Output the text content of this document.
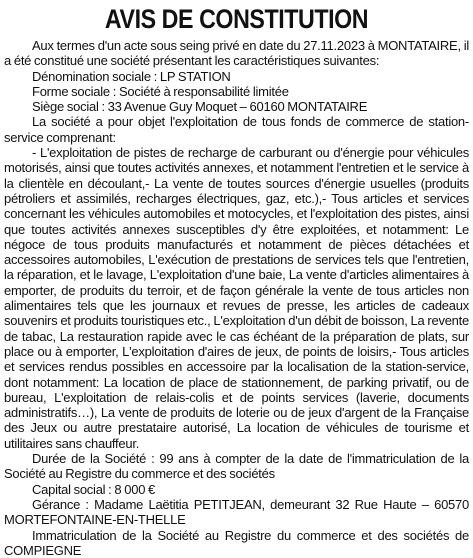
AVIS DE CONSTITUTION

Aux termes d'un acte sous seing privé en date du 27.11.2023 à MONTATAIRE, il a été constitué une société présentant les caractéristiques suivantes:

Dénomination sociale : LP STATION

Forme sociale : Société à responsabilité limitée

Siège social : 33 Avenue Guy Moquet – 60160 MONTATAIRE

La société a pour objet l'exploitation de tous fonds de commerce de station-service comprenant:

- L'exploitation de pistes de recharge de carburant ou d'énergie pour véhicules motorisés, ainsi que toutes activités annexes, et notamment l'entretien et le service à la clientèle en découlant,- La vente de toutes sources d'énergie usuelles (produits pétroliers et assimilés, recharges électriques, gaz, etc.),- Tous articles et services concernant les véhicules automobiles et motocycles, et l'exploitation des pistes, ainsi que toutes activités annexes susceptibles d'y être exploitées, et notamment: Le négoce de tous produits manufacturés et notamment de pièces détachées et accessoires automobiles, L'exécution de prestations de services tels que l'entretien, la réparation, et le lavage, L'exploitation d'une baie, La vente d'articles alimentaires à emporter, de produits du terroir, et de façon générale la vente de tous articles non alimentaires tels que les journaux et revues de presse, les articles de cadeaux souvenirs et produits touristiques etc., L'exploitation d'un débit de boisson, La revente de tabac, La restauration rapide avec le cas échéant de la préparation de plats, sur place ou à emporter, L'exploitation d'aires de jeux, de points de loisirs,- Tous articles et services rendus possibles en accessoire par la localisation de la station-service, dont notamment: La location de place de stationnement, de parking privatif, ou de bureau, L'exploitation de relais-colis et de points services (laverie, documents administratifs…), La vente de produits de loterie ou de jeux d'argent de la Française des Jeux ou autre prestataire autorisé, La location de véhicules de tourisme et utilitaires sans chauffeur.

Durée de la Société : 99 ans à compter de la date de l'immatriculation de la Société au Registre du commerce et des sociétés

Capital social : 8 000 €

Gérance : Madame Laëtitia PETITJEAN, demeurant 32 Rue Haute – 60570 MORTEFONTAINE-EN-THELLE

Immatriculation de la Société au Registre du commerce et des sociétés de COMPIEGNE
